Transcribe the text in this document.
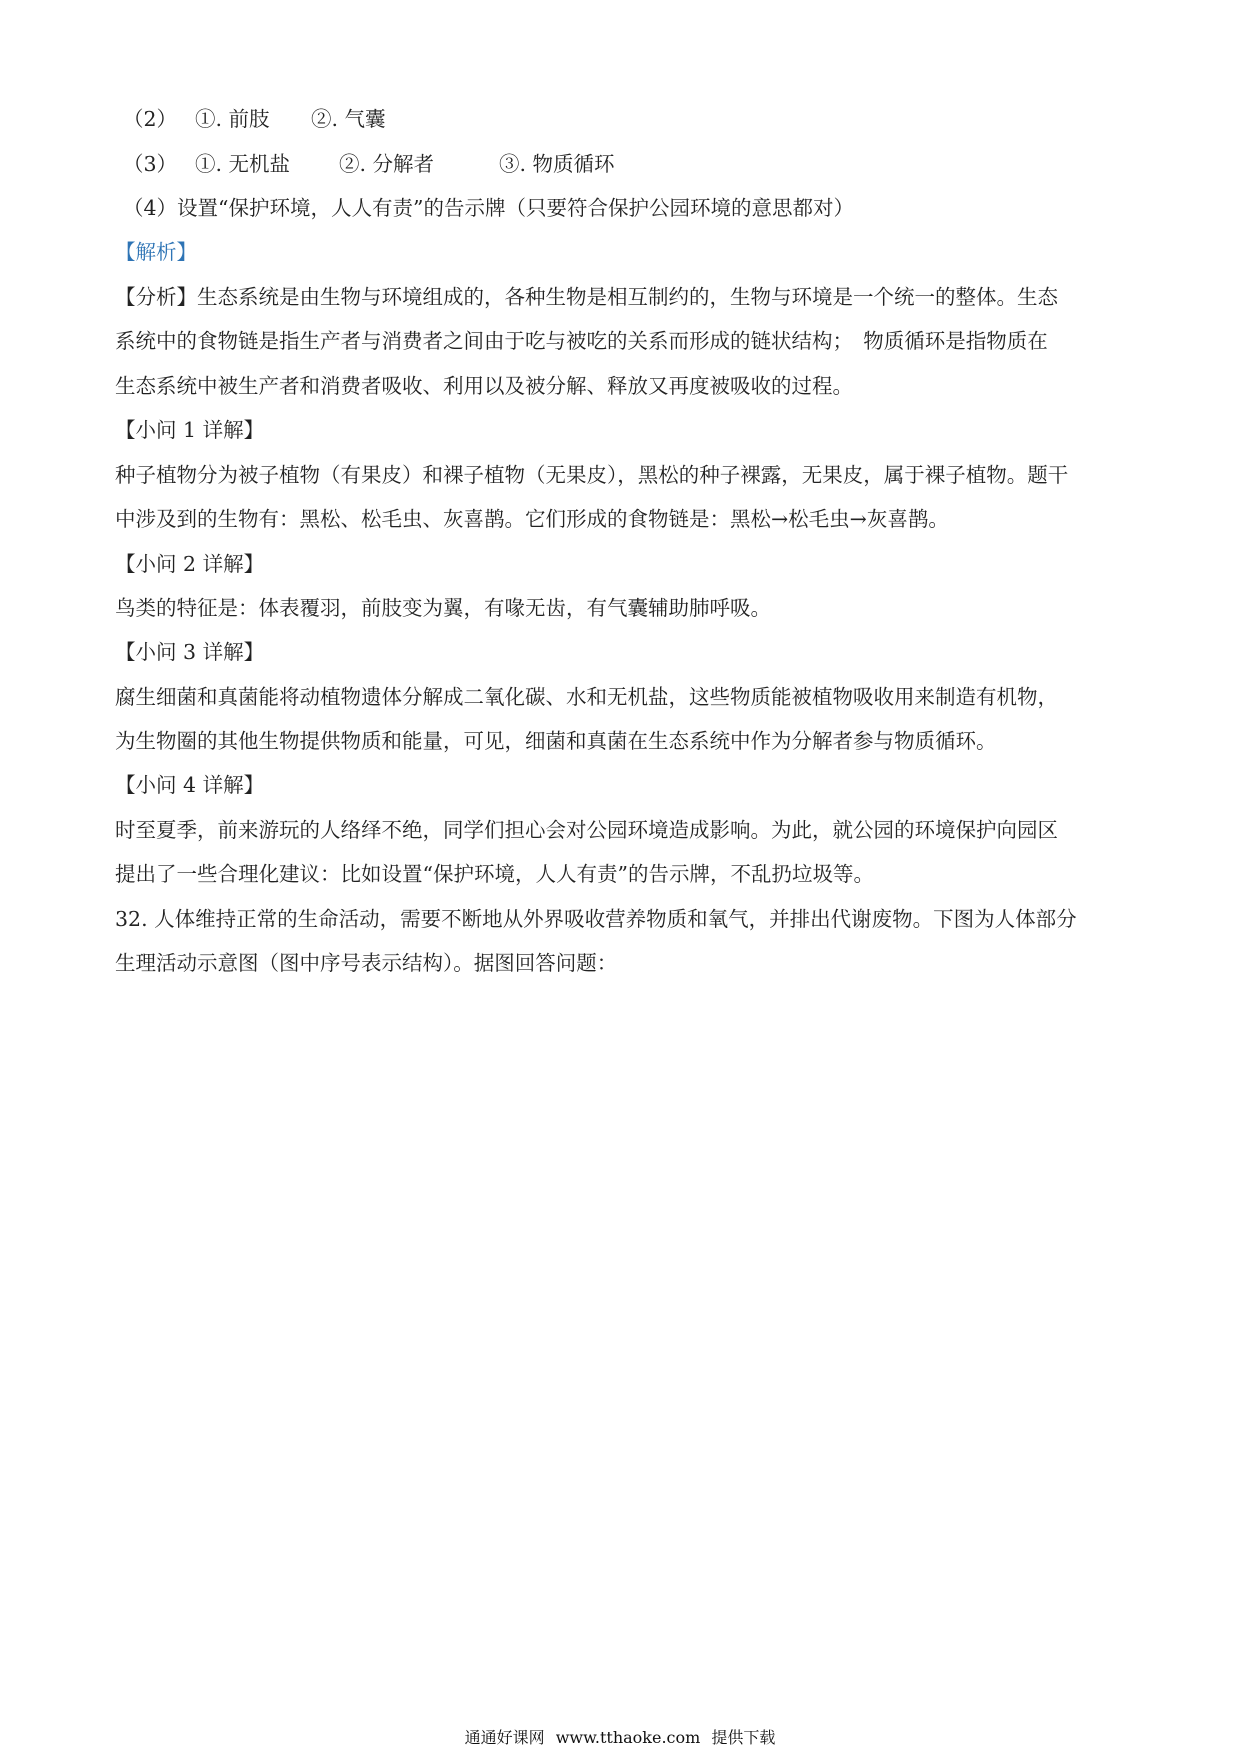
（2） ①. 前肢 ②. 气囊
（3） ①. 无机盐 ②. 分解者	③. 物质循环
（4）设置“保护环境，人人有责”的告示牌（只要符合保护公园环境的意思都对）
【解析】
【分析】生态系统是由生物与环境组成的，各种生物是相互制约的，生物与环境是一个统一的整体。生态
系统中的食物链是指生产者与消费者之间由于吃与被吃的关系而形成的链状结构；　物质循环是指物质在
生态系统中被生产者和消费者吸收、利用以及被分解、释放又再度被吸收的过程。
【小问 1 详解】
种子植物分为被子植物（有果皮）和裸子植物（无果皮），黑松的种子裸露，无果皮，属于裸子植物。题干
中涉及到的生物有：黑松、松毛虫、灰喜鹊。它们形成的食物链是：黑松→松毛虫→灰喜鹊。
【小问 2 详解】
鸟类的特征是：体表覆羽，前肢变为翼，有喙无齿，有气囊辅助肺呼吸。
【小问 3 详解】
腐生细菌和真菌能将动植物遗体分解成二氧化碳、水和无机盐，这些物质能被植物吸收用来制造有机物，
为生物圈的其他生物提供物质和能量，可见，细菌和真菌在生态系统中作为分解者参与物质循环。
【小问 4 详解】
时至夏季，前来游玩的人络绎不绝，同学们担心会对公园环境造成影响。为此，就公园的环境保护向园区
提出了一些合理化建议：比如设置“保护环境，人人有责”的告示牌，不乱扔垃圾等。
32. 人体维持正常的生命活动，需要不断地从外界吸收营养物质和氧气，并排出代谢废物。下图为人体部分
生理活动示意图（图中序号表示结构）。据图回答问题：
通通好课网 www.tthaoke.com 提供下载
